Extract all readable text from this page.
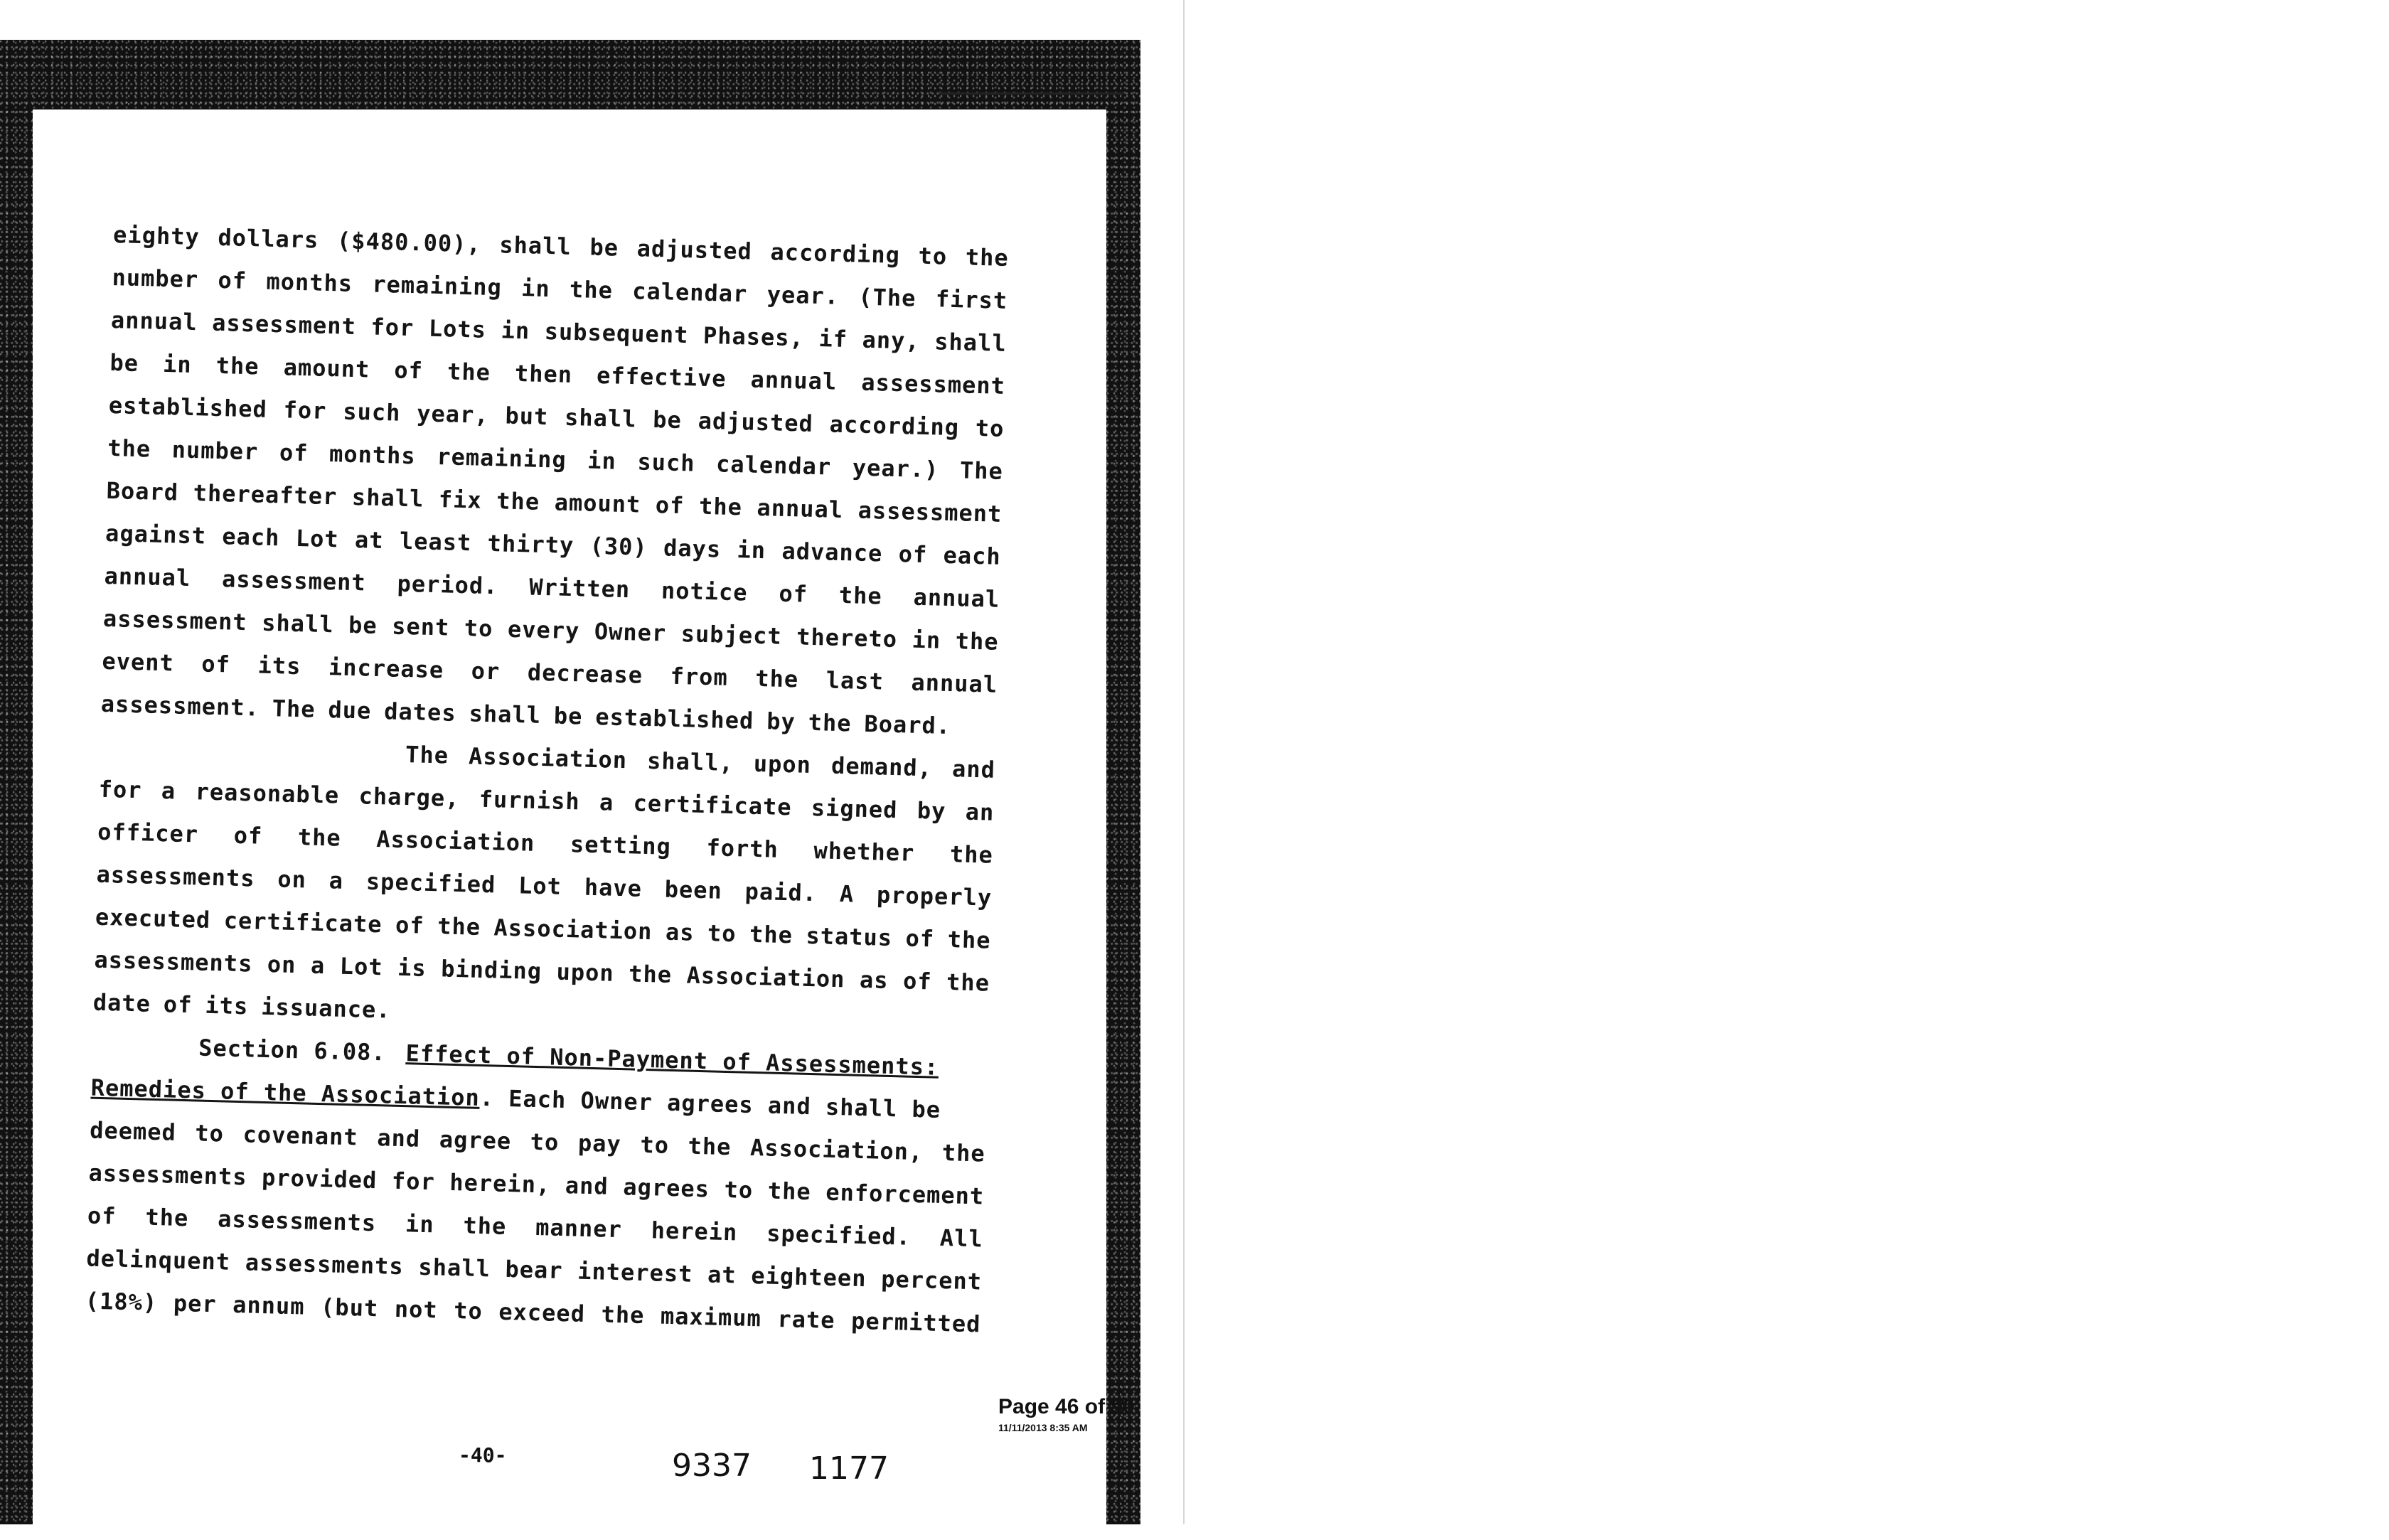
eighty dollars ($480.00), shall be adjusted according to the
number of months remaining in the calendar year. (The first
annual assessment for Lots in subsequent Phases, if any, shall
be in the amount of the then effective annual assessment
established for such year, but shall be adjusted according to
the number of months remaining in such calendar year.) The
Board thereafter shall fix the amount of the annual assessment
against each Lot at least thirty (30) days in advance of each
annual assessment period. Written notice of the annual
assessment shall be sent to every Owner subject thereto in the
event of its increase or decrease from the last annual
assessment. The due dates shall be established by the Board.
The Association shall, upon demand, and
for a reasonable charge, furnish a certificate signed by an
officer of the Association setting forth whether the
assessments on a specified Lot have been paid. A properly
executed certificate of the Association as to the status of the
assessments on a Lot is binding upon the Association as of the
date of its issuance.
Section 6.08. Effect of Non-Payment of Assessments:
Remedies of the Association . Each Owner agrees and shall be
deemed to covenant and agree to pay to the Association, the
assessments provided for herein, and agrees to the enforcement
of the assessments in the manner herein specified. All
delinquent assessments shall bear interest at eighteen percent
(18%) per annum (but not to exceed the maximum rate permitted
-40-	9337 1177
Page 46 of 90
11/11/2013 8:35 AM
